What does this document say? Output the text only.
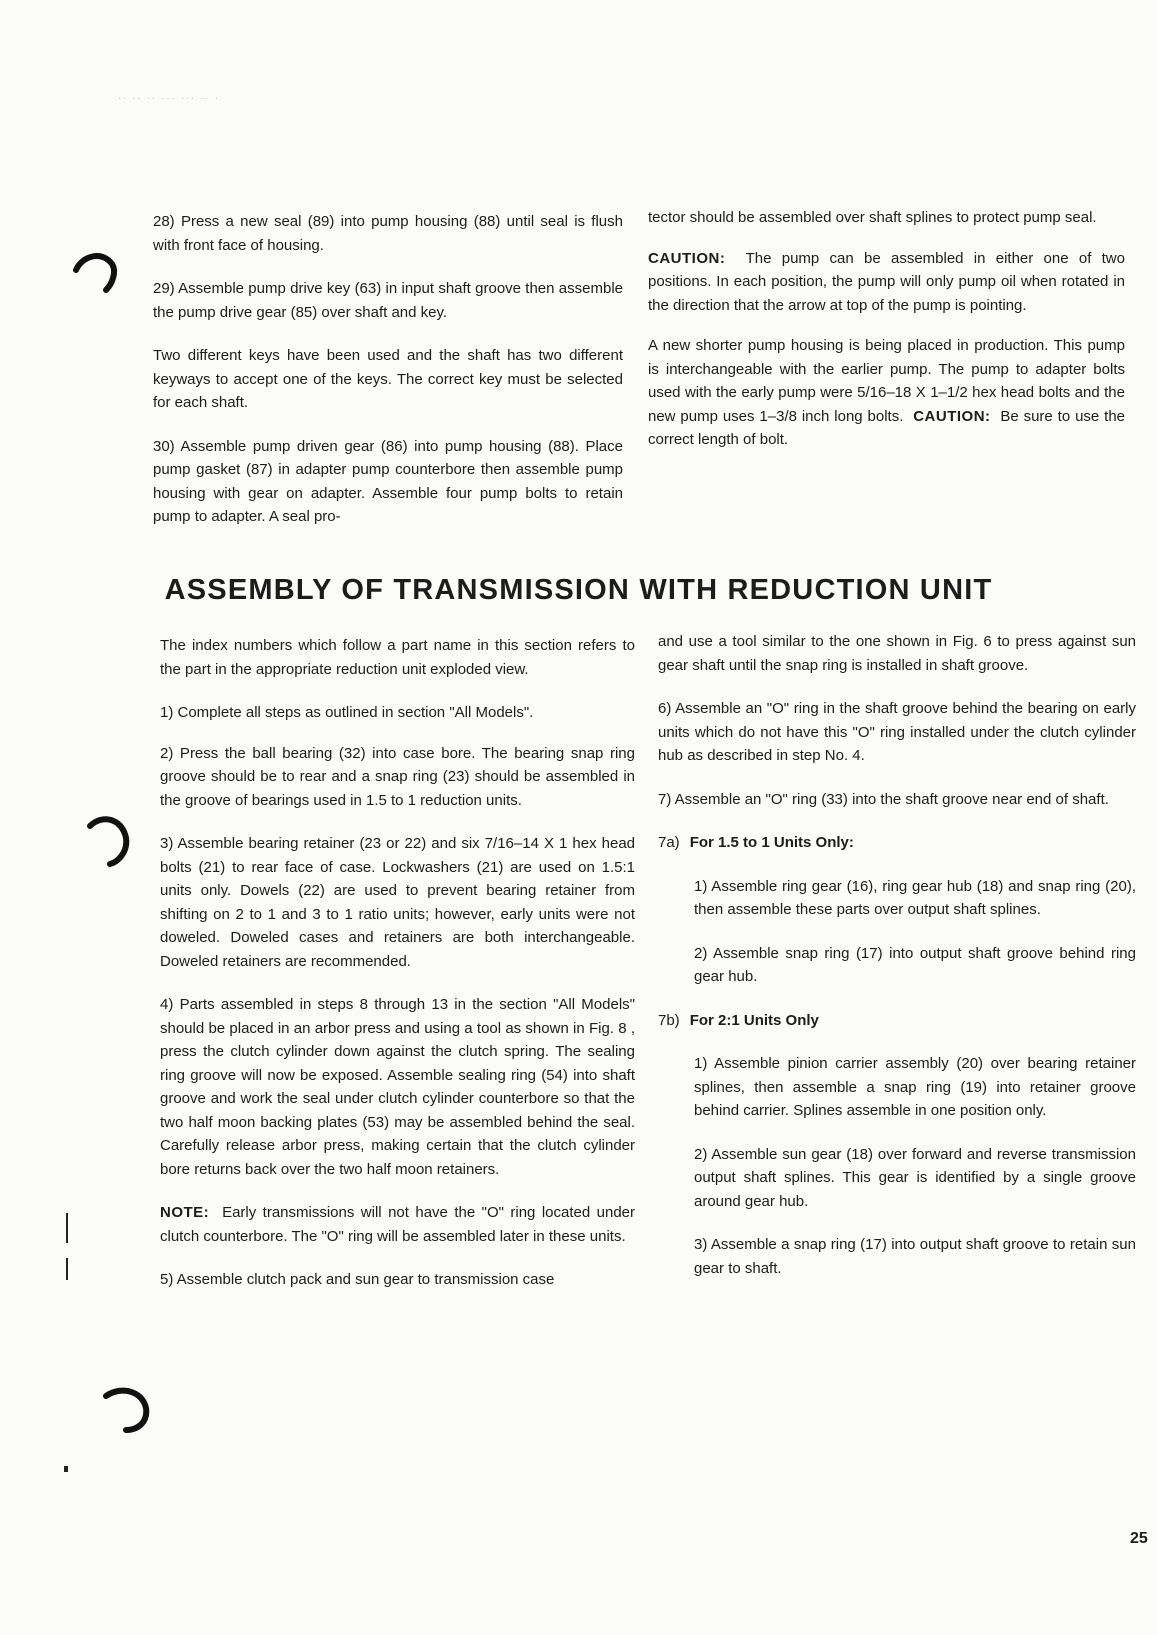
·· ·· ·· ··· ··· ·· ·

28) Press a new seal (89) into pump housing (88) until seal is flush with front face of housing.

29) Assemble pump drive key (63) in input shaft groove then assemble the pump drive gear (85) over shaft and key.

Two different keys have been used and the shaft has two different keyways to accept one of the keys. The correct key must be selected for each shaft.

30) Assemble pump driven gear (86) into pump housing (88). Place pump gasket (87) in adapter pump counterbore then assemble pump housing with gear on adapter. Assemble four pump bolts to retain pump to adapter. A seal pro-

tector should be assembled over shaft splines to protect pump seal.

CAUTION: The pump can be assembled in either one of two positions. In each position, the pump will only pump oil when rotated in the direction that the arrow at top of the pump is pointing.

A new shorter pump housing is being placed in production. This pump is interchangeable with the earlier pump. The pump to adapter bolts used with the early pump were 5/16–18 X 1–1/2 hex head bolts and the new pump uses 1–3/8 inch long bolts. CAUTION: Be sure to use the correct length of bolt.

ASSEMBLY OF TRANSMISSION WITH REDUCTION UNIT

The index numbers which follow a part name in this section refers to the part in the appropriate reduction unit exploded view.

1) Complete all steps as outlined in section "All Models".

2) Press the ball bearing (32) into case bore. The bearing snap ring groove should be to rear and a snap ring (23) should be assembled in the groove of bearings used in 1.5 to 1 reduction units.

3) Assemble bearing retainer (23 or 22) and six 7/16–14 X 1 hex head bolts (21) to rear face of case. Lockwashers (21) are used on 1.5:1 units only. Dowels (22) are used to prevent bearing retainer from shifting on 2 to 1 and 3 to 1 ratio units; however, early units were not doweled. Doweled cases and retainers are both interchangeable. Doweled retainers are recommended.

4) Parts assembled in steps 8 through 13 in the section "All Models" should be placed in an arbor press and using a tool as shown in Fig. 8 , press the clutch cylinder down against the clutch spring. The sealing ring groove will now be exposed. Assemble sealing ring (54) into shaft groove and work the seal under clutch cylinder counterbore so that the two half moon backing plates (53) may be assembled behind the seal. Carefully release arbor press, making certain that the clutch cylinder bore returns back over the two half moon retainers.

NOTE: Early transmissions will not have the "O" ring located under clutch counterbore. The "O" ring will be assembled later in these units.

5) Assemble clutch pack and sun gear to transmission case

and use a tool similar to the one shown in Fig. 6 to press against sun gear shaft until the snap ring is installed in shaft groove.

6) Assemble an "O" ring in the shaft groove behind the bearing on early units which do not have this "O" ring installed under the clutch cylinder hub as described in step No. 4.

7) Assemble an "O" ring (33) into the shaft groove near end of shaft.

7a) For 1.5 to 1 Units Only:

1) Assemble ring gear (16), ring gear hub (18) and snap ring (20), then assemble these parts over output shaft splines.

2) Assemble snap ring (17) into output shaft groove behind ring gear hub.

7b) For 2:1 Units Only

1) Assemble pinion carrier assembly (20) over bearing retainer splines, then assemble a snap ring (19) into retainer groove behind carrier. Splines assemble in one position only.

2) Assemble sun gear (18) over forward and reverse transmission output shaft splines. This gear is identified by a single groove around gear hub.

3) Assemble a snap ring (17) into output shaft groove to retain sun gear to shaft.

25
